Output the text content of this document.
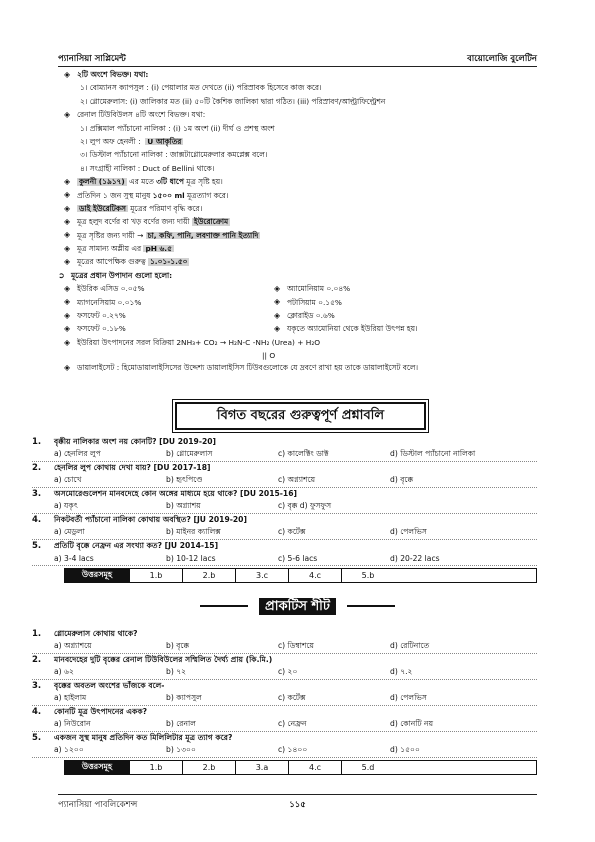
প্যানাসিয়া সাপ্লিমেন্ট	বায়োলোজি বুলেটিন
◈ ২টি অংশে বিভক্ত। যথা:
১। বোম্যানস ক্যাপসুল : (i) পেয়ালার মত দেখতে (ii) পরিস্রাবক হিসেবে কাজ করে।
২। গ্লোমেরুলাস: (i) জালিকার মত (ii) ৫০টি কৈশিক জালিকা দ্বারা গঠিত। (iii) পরিস্রাবণ/আল্ট্রাফিল্ট্রেশন
◈ রেনাল টিউবিউলস ৪টি অংশে বিভক্ত। যথা:
১। প্রক্সিমাল প্যাঁচানো নালিকা : (i) ১ম অংশ (ii) দীর্ঘ ও প্রশস্থ অংশ
২। লুপ অফ হেনলী :
U আকৃতির
৩। ডিস্টাল প্যাঁচানো নালিকা : জাক্সটাগ্লোমেরুলার কমপ্লেক্স বলে।
৪। সংগ্রাহী নালিকা : Duct of Bellini থাকে।
◈	কুলনী (১৯১৭)
এর মতে
৩টি ধাপে
মূত্র সৃষ্টি হয়।
◈ প্রতিদিন ১ জন সুস্থ মানুষ
১৫০০ ml
মূত্রত্যাগ করে।
◈	ডাই ইউরেটিকস
মূত্রের পরিমাণ বৃদ্ধি করে।
◈ মূত্র হলুদ বর্ণের বা খড় বর্ণের জন্য দায়ী
ইউরোক্রোম
◈ মূত্র সৃষ্টির জন্য দায়ী →
চা, কফি, পানি, লবণাক্ত পানি ইত্যাদি
◈ মূত্র সামান্য অম্লীয় এর
pH ৬.৫
◈ মূত্রের আপেক্ষিক গুরুত্ব
১.০১-১.৫০
➲ মূত্রের প্রধান উপাদান গুলো হলো:
◈ ইউরিক এসিড ০.০৫%	◈ অ্যামোনিয়াম ০.০৪%
◈ ম্যাগনেসিয়াম ০.০১%	◈ পটাসিয়াম ০.১৫%
◈ ফসফেট ০.২৭%	◈ ক্লোরাইড ০.৬%
◈ ফসফেট ০.১৮%	◈ যকৃতে অ্যামোনিয়া থেকে ইউরিয়া উৎপন্ন হয়।
◈ ইউরিয়া উৎপাদনের সরল বিক্রিয়া 2NH₃+ CO₂ → H₂N-C -NH₂ (Urea) + H₂O
|| O
◈ ডায়ালাইসেট : হিমোডায়ালাইসিসের উদ্দেশ্য ডায়ালাইসিস টিউবগুলোকে যে দ্রবণে রাখা হয় তাকে ডায়ালাইসেট বলে।
বিগত বছরের গুরুত্বপূর্ণ প্রশ্নাবলি
1.	বৃক্কীয় নালিকার অংশ নয় কোনটি? [DU 2019-20]
a) হেনলির লুপ	b) গ্লোমেরুলাস	c) কালেক্টিং ডাক্ট	d) ডিস্টাল প্যাঁচানো নালিকা
2.	হেনলির লুপ কোথায় দেখা যায়? [DU 2017-18]
a) চোখে	b) হৃৎপিণ্ডে	c) অগ্ন্যাশয়ে	d) বৃক্কে
3.	অসমোরেগুলেশন মানবদেহে কোন অঙ্গের মাধ্যমে হয়ে থাকে? [DU 2015-16]
a) যকৃৎ	b) অগ্ন্যাশয়	c) বৃক্ক d) ফুসফুস
4.	নিকটবর্তী প্যাঁচানো নালিকা কোথায় অবস্থিত? [JU 2019-20]
a) মেডুলা	b) মাইনর ক্যালিক্স	c) কর্টেক্স	d) পেলভিস
5.	প্রতিটি বৃক্কে নেফ্রন এর সংখ্যা কত? [JU 2014-15]
a) 3-4 lacs	b) 10-12 lacs	c) 5-6 lacs	d) 20-22 lacs
উত্তরসমূহ	1.b	2.b	3.c	4.c	5.b
প্রাকটিস শীট
1.	গ্লোমেরুলাস কোথায় থাকে?
a) অগ্ন্যাশয়ে	b) বৃক্কে	c) ডিম্বাশয়ে	d) রেটিনাতে
2.	মানবদেহের দুটি বৃক্কের রেনাল টিউবিউলের সম্মিলিত দৈর্ঘ্য প্রায় (কি.মি.)
a) ৬২	b) ৭২	c) ২০	d) ৭.২
3.	বৃক্কের অবতল অংশের ভাঁজকে বলে-
a) হাইলাম	b) ক্যাপসুল	c) কর্টেক্স	d) পেলভিস
4.	কোনটি মূত্র উৎপাদনের একক?
a) নিউরোন	b) রেনাল	c) নেফ্রন	d) কোনটি নয়
5.	একজন সুস্থ মানুষ প্রতিদিন কত মিলিলিটার মূত্র ত্যাগ করে?
a) ১২০০	b) ১৩০০	c) ১৪০০	d) ১৫০০
উত্তরসমূহ	1.b	2.b	3.a	4.c	5.d
প্যানাসিয়া পাবলিকেশন্স	১১৫
